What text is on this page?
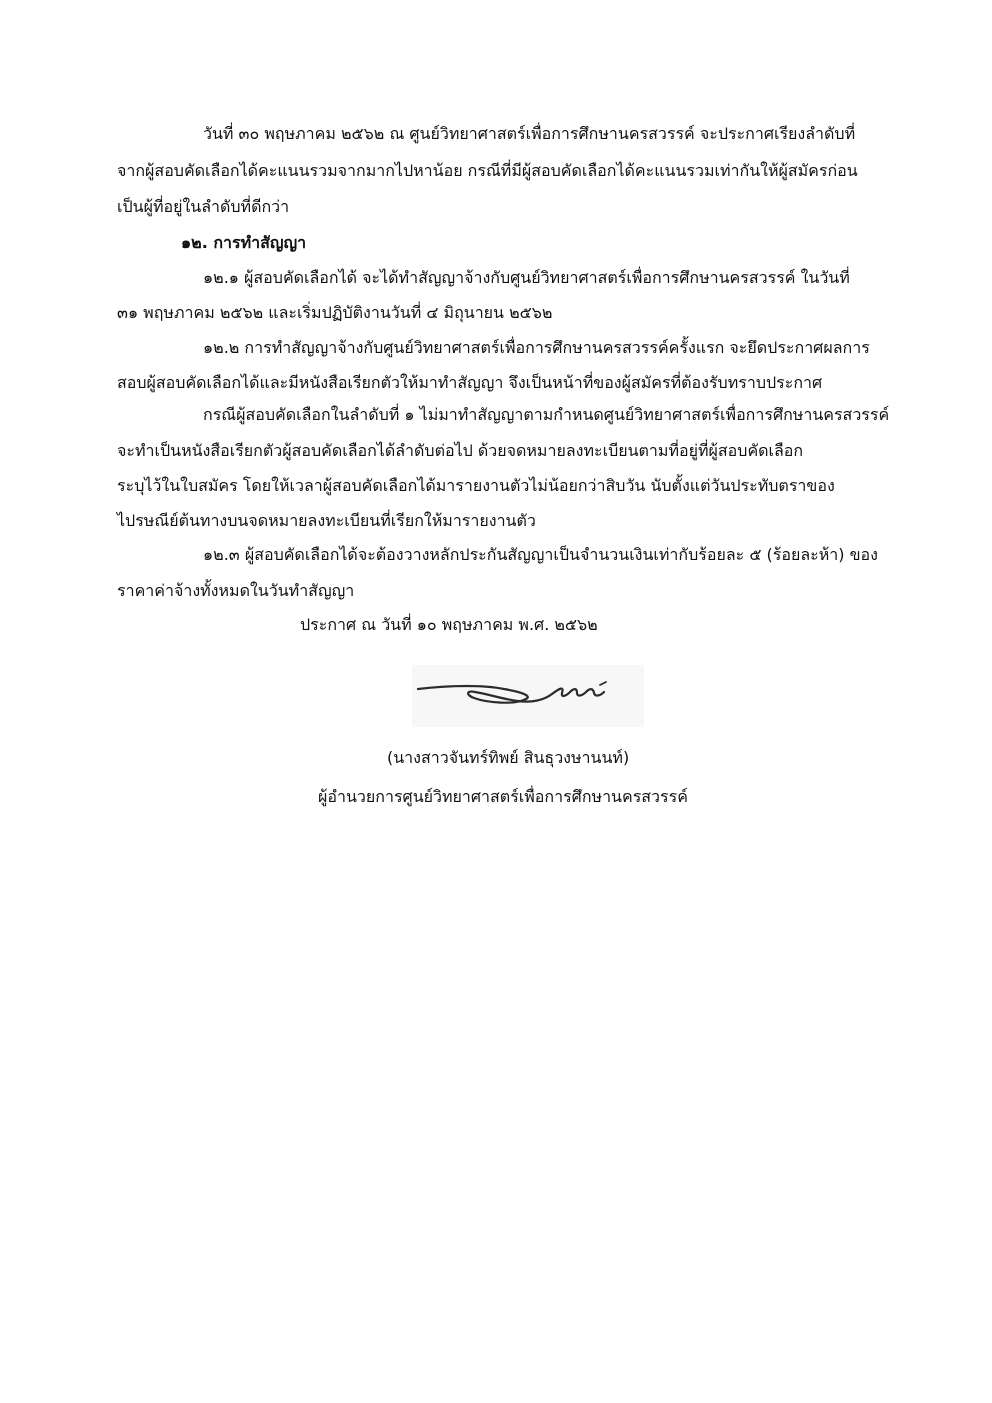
วันที่ ๓๐ พฤษภาคม ๒๕๖๒ ณ ศูนย์วิทยาศาสตร์เพื่อการศึกษานครสวรรค์ จะประกาศเรียงลำดับที่
จากผู้สอบคัดเลือกได้คะแนนรวมจากมากไปหาน้อย กรณีที่มีผู้สอบคัดเลือกได้คะแนนรวมเท่ากันให้ผู้สมัครก่อน
เป็นผู้ที่อยู่ในลำดับที่ดีกว่า
๑๒. การทำสัญญา
๑๒.๑ ผู้สอบคัดเลือกได้ จะได้ทำสัญญาจ้างกับศูนย์วิทยาศาสตร์เพื่อการศึกษานครสวรรค์ ในวันที่
๓๑ พฤษภาคม ๒๕๖๒ และเริ่มปฏิบัติงานวันที่ ๔ มิถุนายน ๒๕๖๒
๑๒.๒ การทำสัญญาจ้างกับศูนย์วิทยาศาสตร์เพื่อการศึกษานครสวรรค์ครั้งแรก จะยึดประกาศผลการ
สอบผู้สอบคัดเลือกได้และมีหนังสือเรียกตัวให้มาทำสัญญา จึงเป็นหน้าที่ของผู้สมัครที่ต้องรับทราบประกาศ
กรณีผู้สอบคัดเลือกในลำดับที่ ๑ ไม่มาทำสัญญาตามกำหนดศูนย์วิทยาศาสตร์เพื่อการศึกษานครสวรรค์
จะทำเป็นหนังสือเรียกตัวผู้สอบคัดเลือกได้ลำดับต่อไป ด้วยจดหมายลงทะเบียนตามที่อยู่ที่ผู้สอบคัดเลือก
ระบุไว้ในใบสมัคร โดยให้เวลาผู้สอบคัดเลือกได้มารายงานตัวไม่น้อยกว่าสิบวัน นับตั้งแต่วันประทับตราของ
ไปรษณีย์ต้นทางบนจดหมายลงทะเบียนที่เรียกให้มารายงานตัว
๑๒.๓ ผู้สอบคัดเลือกได้จะต้องวางหลักประกันสัญญาเป็นจำนวนเงินเท่ากับร้อยละ ๕ (ร้อยละห้า) ของ
ราคาค่าจ้างทั้งหมดในวันทำสัญญา
ประกาศ ณ วันที่ ๑๐ พฤษภาคม พ.ศ. ๒๕๖๒
(นางสาวจันทร์ทิพย์ สินธุวงษานนท์)
ผู้อำนวยการศูนย์วิทยาศาสตร์เพื่อการศึกษานครสวรรค์
